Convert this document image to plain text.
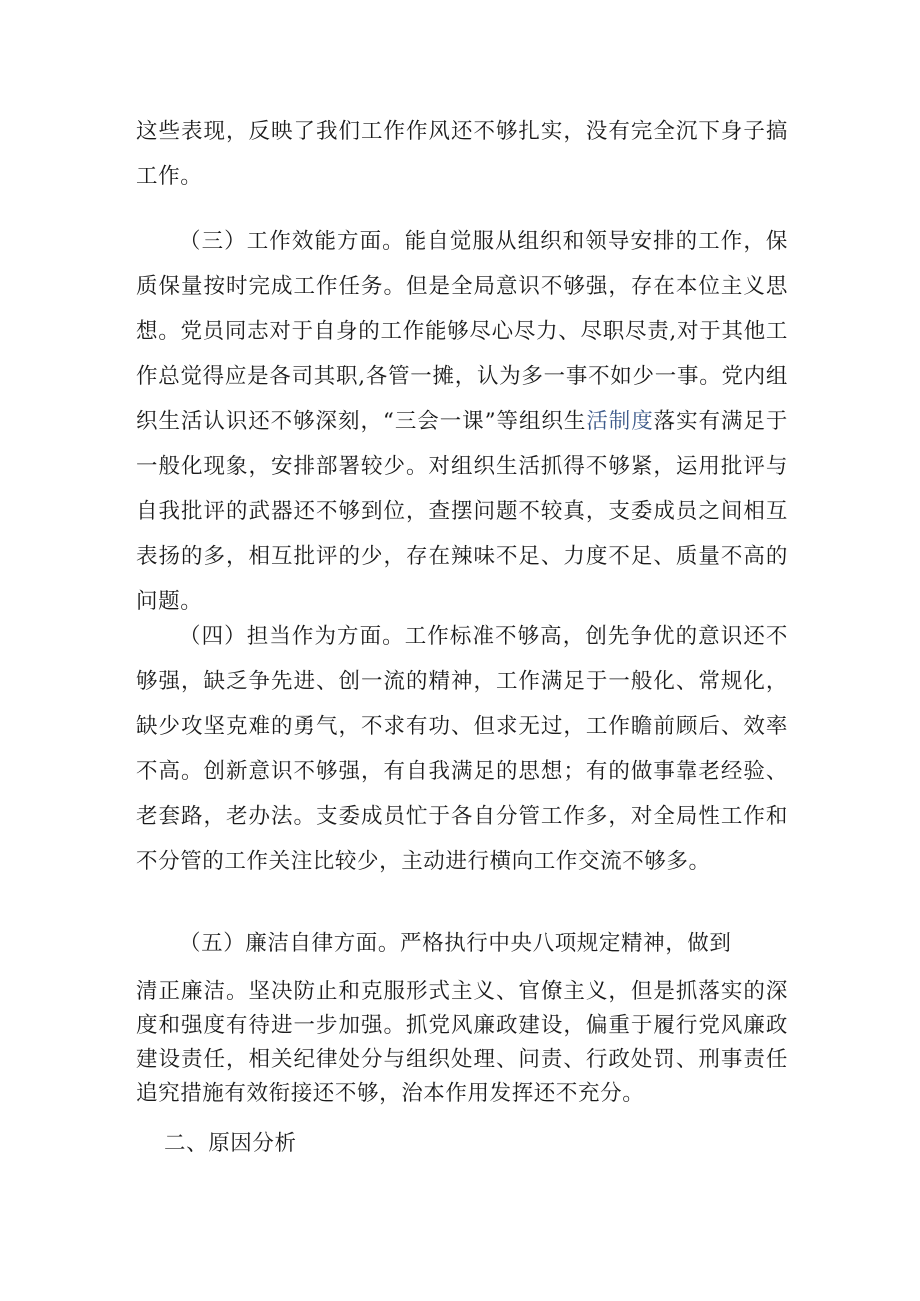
这些表现，反映了我们工作作风还不够扎实，没有完全沉下身子搞工作。

（三）工作效能方面。能自觉服从组织和领导安排的工作，保质保量按时完成工作任务。但是全局意识不够强，存在本位主义思想。党员同志对于自身的工作能够尽心尽力、尽职尽责,对于其他工作总觉得应是各司其职,各管一摊，认为多一事不如少一事。党内组织生活认识还不够深刻，“三会一课”等组织生活制度落实有满足于一般化现象，安排部署较少。对组织生活抓得不够紧，运用批评与自我批评的武器还不够到位，查摆问题不较真，支委成员之间相互表扬的多，相互批评的少，存在辣味不足、力度不足、质量不高的问题。

（四）担当作为方面。工作标准不够高，创先争优的意识还不够强，缺乏争先进、创一流的精神，工作满足于一般化、常规化，缺少攻坚克难的勇气，不求有功、但求无过，工作瞻前顾后、效率不高。创新意识不够强，有自我满足的思想；有的做事靠老经验、老套路，老办法。支委成员忙于各自分管工作多，对全局性工作和不分管的工作关注比较少，主动进行横向工作交流不够多。

（五）廉洁自律方面。严格执行中央八项规定精神，做到

清正廉洁。坚决防止和克服形式主义、官僚主义，但是抓落实的深度和强度有待进一步加强。抓党风廉政建设，偏重于履行党风廉政建设责任，相关纪律处分与组织处理、问责、行政处罚、刑事责任追究措施有效衔接还不够，治本作用发挥还不充分。

二、原因分析
